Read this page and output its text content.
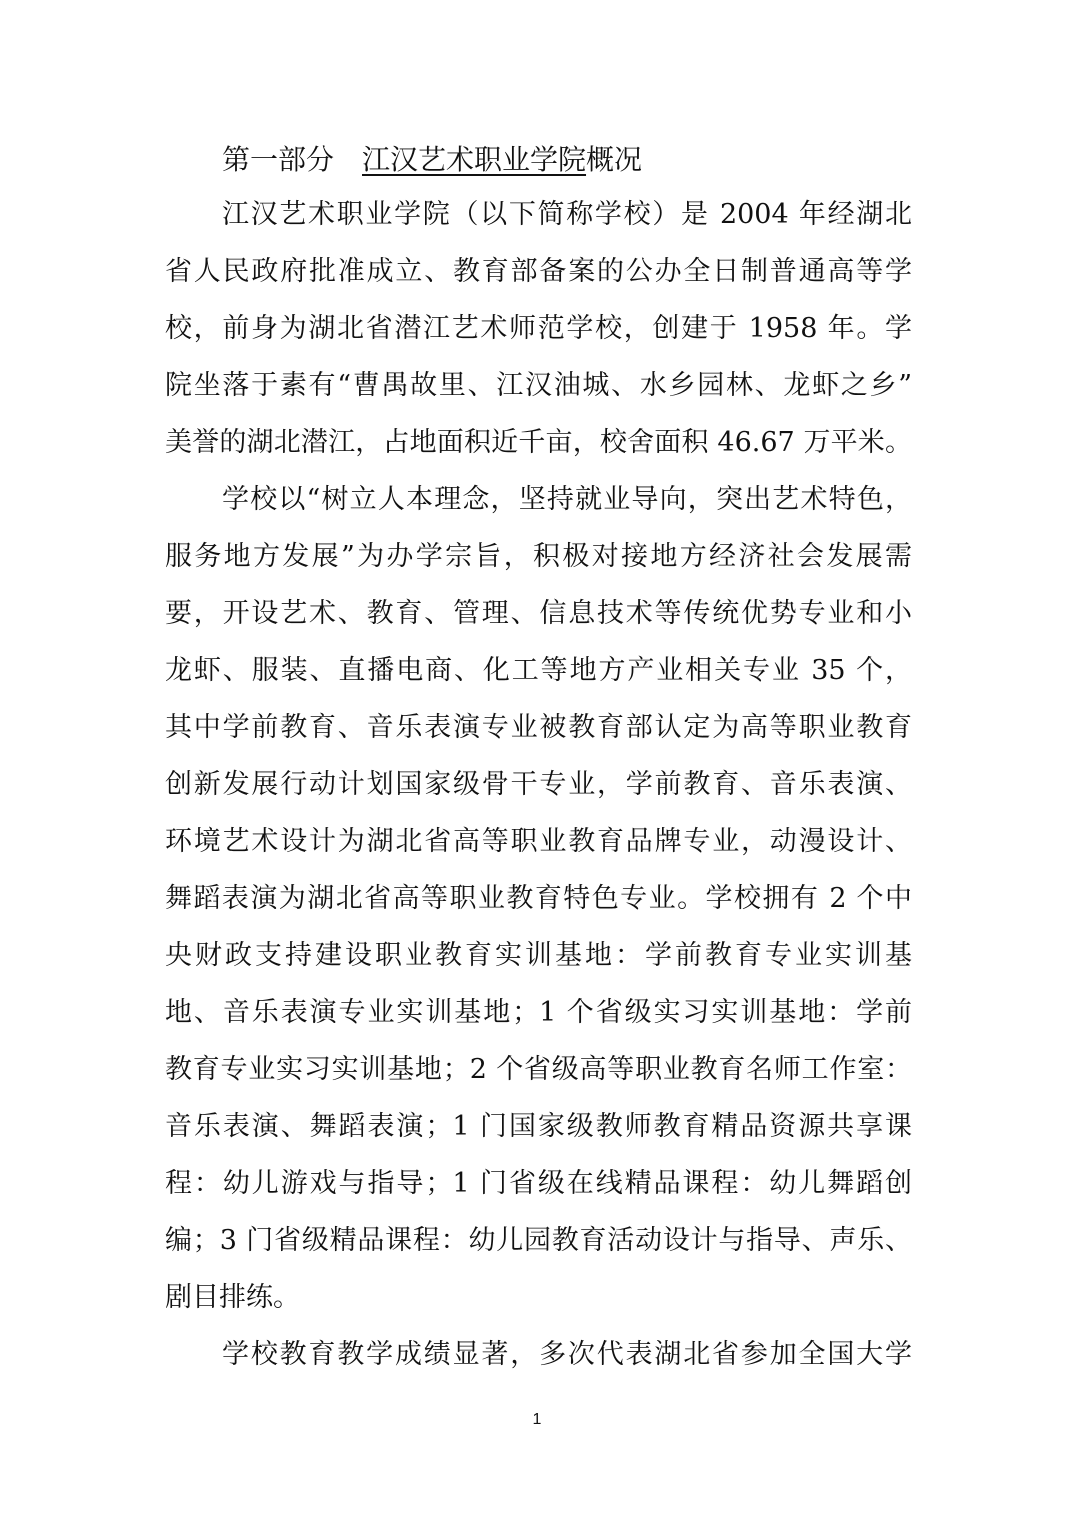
第一部分 江汉艺术职业学院概况

江汉艺术职业学院（以下简称学校）是 2004 年经湖北

省人民政府批准成立、教育部备案的公办全日制普通高等学

校，前身为湖北省潜江艺术师范学校，创建于 1958 年。学

院坐落于素有“曹禺故里、江汉油城、水乡园林、龙虾之乡”

美誉的湖北潜江，占地面积近千亩，校舍面积 46.67 万平米。

学校以“树立人本理念，坚持就业导向，突出艺术特色，

服务地方发展”为办学宗旨，积极对接地方经济社会发展需

要，开设艺术、教育、管理、信息技术等传统优势专业和小

龙虾、服装、直播电商、化工等地方产业相关专业 35 个，

其中学前教育、音乐表演专业被教育部认定为高等职业教育

创新发展行动计划国家级骨干专业，学前教育、音乐表演、

环境艺术设计为湖北省高等职业教育品牌专业，动漫设计、

舞蹈表演为湖北省高等职业教育特色专业。学校拥有 2 个中

央财政支持建设职业教育实训基地：学前教育专业实训基

地、音乐表演专业实训基地；1 个省级实习实训基地：学前

教育专业实习实训基地；2 个省级高等职业教育名师工作室：

音乐表演、舞蹈表演；1 门国家级教师教育精品资源共享课

程：幼儿游戏与指导；1 门省级在线精品课程：幼儿舞蹈创

编；3 门省级精品课程：幼儿园教育活动设计与指导、声乐、

剧目排练。

学校教育教学成绩显著，多次代表湖北省参加全国大学

1
